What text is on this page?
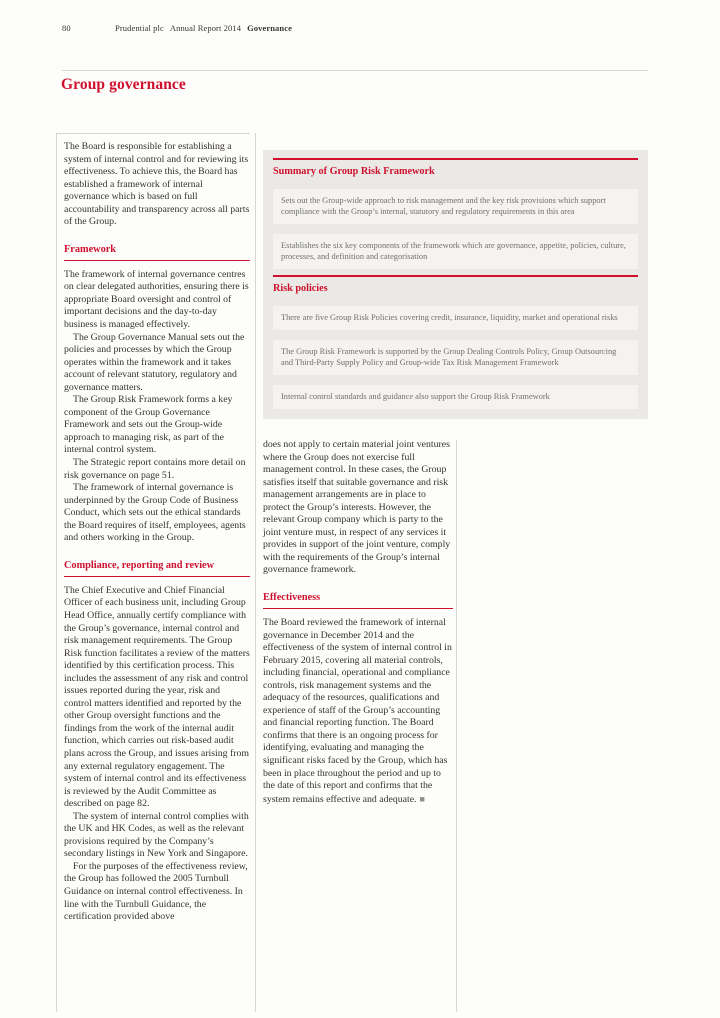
80	Prudential plc Annual Report 2014 Governance
Group governance

The Board is responsible for establishing a system of internal control and for reviewing its effectiveness. To achieve this, the Board has established a framework of internal governance which is based on full accountability and transparency across all parts of the Group.

Framework

The framework of internal governance centres on clear delegated authorities, ensuring there is appropriate Board oversight and control of important decisions and the day-to-day business is managed effectively.

The Group Governance Manual sets out the policies and processes by which the Group operates within the framework and it takes account of relevant statutory, regulatory and governance matters.

The Group Risk Framework forms a key component of the Group Governance Framework and sets out the Group-wide approach to managing risk, as part of the internal control system.

The Strategic report contains more detail on risk governance on page 51.

The framework of internal governance is underpinned by the Group Code of Business Conduct, which sets out the ethical standards the Board requires of itself, employees, agents and others working in the Group.

Compliance, reporting and review

The Chief Executive and Chief Financial Officer of each business unit, including Group Head Office, annually certify compliance with the Group’s governance, internal control and risk management requirements. The Group Risk function facilitates a review of the matters identified by this certification process. This includes the assessment of any risk and control issues reported during the year, risk and control matters identified and reported by the other Group oversight functions and the findings from the work of the internal audit function, which carries out risk-based audit plans across the Group, and issues arising from any external regulatory engagement. The system of internal control and its effectiveness is reviewed by the Audit Committee as described on page 82.

The system of internal control complies with the UK and HK Codes, as well as the relevant provisions required by the Company’s secondary listings in New York and Singapore.

For the purposes of the effectiveness review, the Group has followed the 2005 Turnbull Guidance on internal control effectiveness. In line with the Turnbull Guidance, the certification provided above

Summary of Group Risk Framework
Sets out the Group-wide approach to risk management and the key risk provisions which support compliance with the Group’s internal, statutory and regulatory requirements in this area
Establishes the six key components of the framework which are governance, appetite, policies, culture, processes, and definition and categorisation
Risk policies
There are five Group Risk Policies covering credit, insurance, liquidity, market and operational risks
The Group Risk Framework is supported by the Group Dealing Controls Policy, Group Outsourcing and Third-Party Supply Policy and Group-wide Tax Risk Management Framework
Internal control standards and guidance also support the Group Risk Framework

does not apply to certain material joint ventures where the Group does not exercise full management control. In these cases, the Group satisfies itself that suitable governance and risk management arrangements are in place to protect the Group’s interests. However, the relevant Group company which is party to the joint venture must, in respect of any services it provides in support of the joint venture, comply with the requirements of the Group’s internal governance framework.

Effectiveness

The Board reviewed the framework of internal governance in December 2014 and the effectiveness of the system of internal control in February 2015, covering all material controls, including financial, operational and compliance controls, risk management systems and the adequacy of the resources, qualifications and experience of staff of the Group’s accounting and financial reporting function. The Board confirms that there is an ongoing process for identifying, evaluating and managing the significant risks faced by the Group, which has been in place throughout the period and up to the date of this report and confirms that the system remains effective and adequate. ■
